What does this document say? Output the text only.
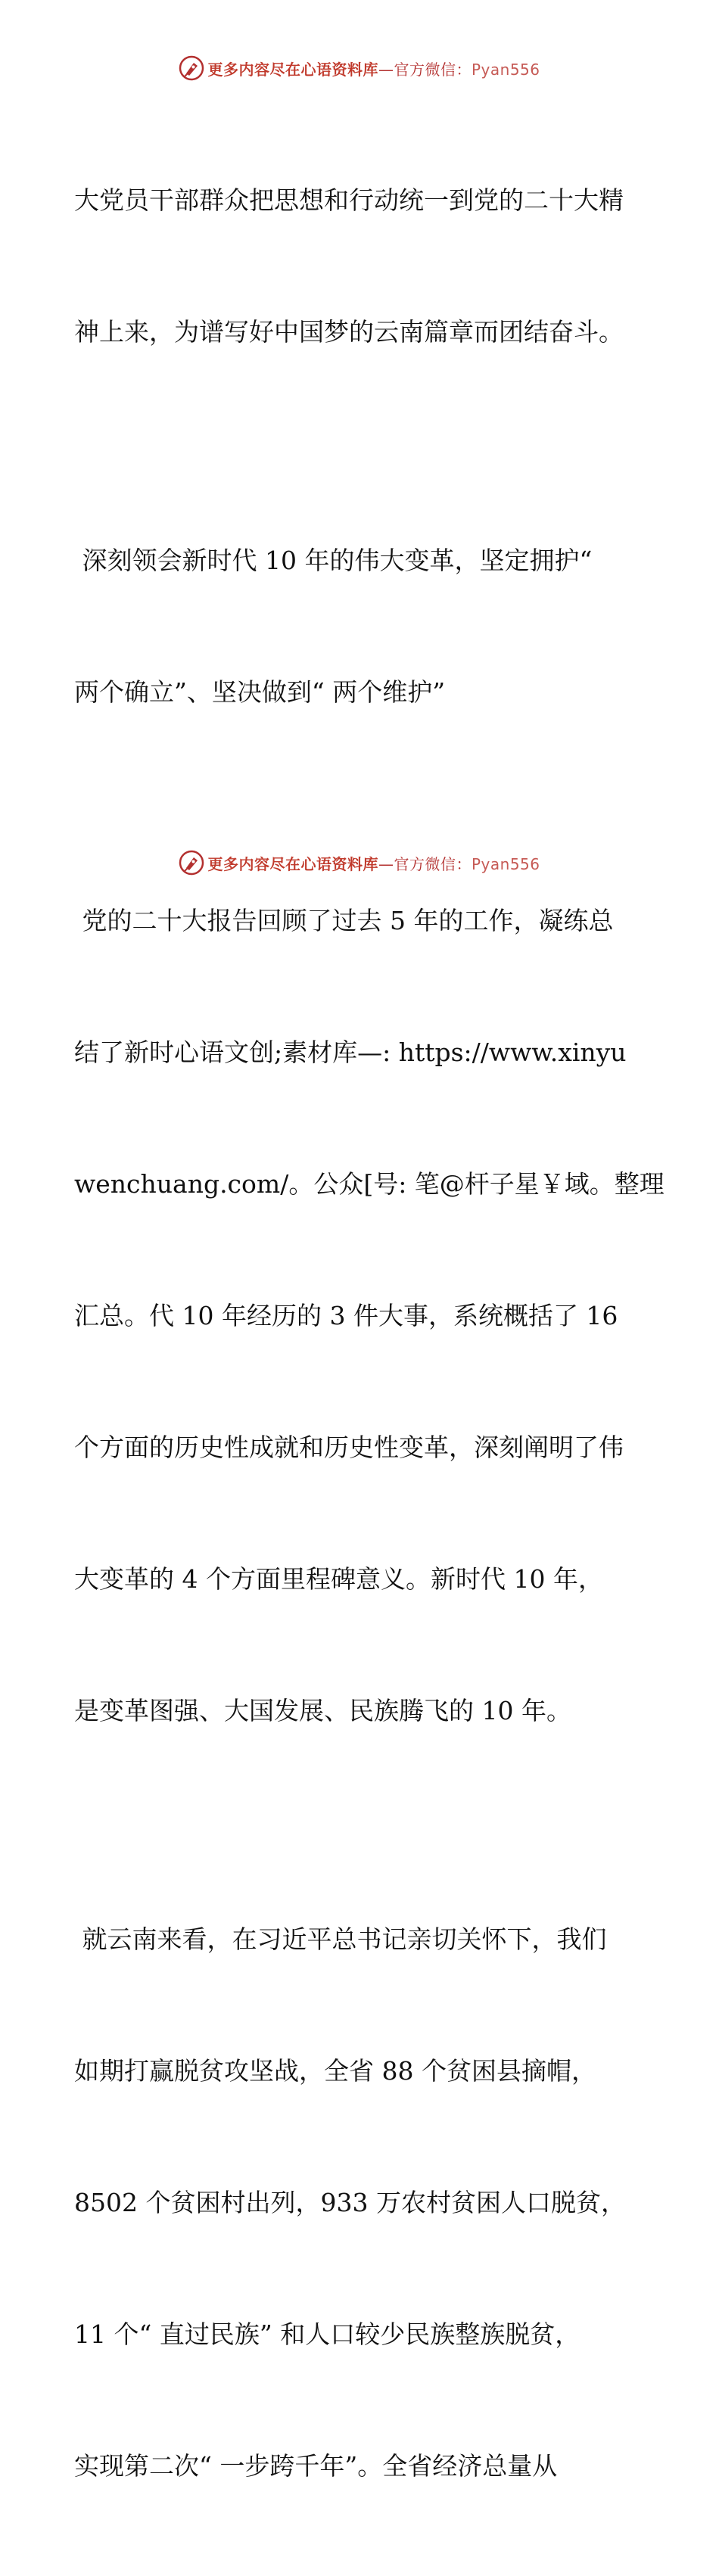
更多内容尽在心语资料库—官方微信：Pyan556

大党员干部群众把思想和行动统一到党的二十大精

神上来，为谱写好中国梦的云南篇章而团结奋斗。

深刻领会新时代 10 年的伟大变革，坚定拥护“

两个确立”、坚决做到“ 两个维护”

党的二十大报告回顾了过去 5 年的工作，凝练总

结了新时心语文创;素材库—: https://www.xinyu

wenchuang.com/。公众[号: 笔@杆子星￥域。整理

汇总。代 10 年经历的 3 件大事，系统概括了 16

个方面的历史性成就和历史性变革，深刻阐明了伟

大变革的 4 个方面里程碑意义。新时代 10 年，

是变革图强、大国发展、民族腾飞的 10 年。

就云南来看，在习近平总书记亲切关怀下，我们

如期打赢脱贫攻坚战，全省 88 个贫困县摘帽，

8502 个贫困村出列，933 万农村贫困人口脱贫，

11 个“ 直过民族” 和人口较少民族整族脱贫，

实现第二次“ 一步跨千年”。全省经济总量从

更多内容尽在心语资料库—官方微信：Pyan556
